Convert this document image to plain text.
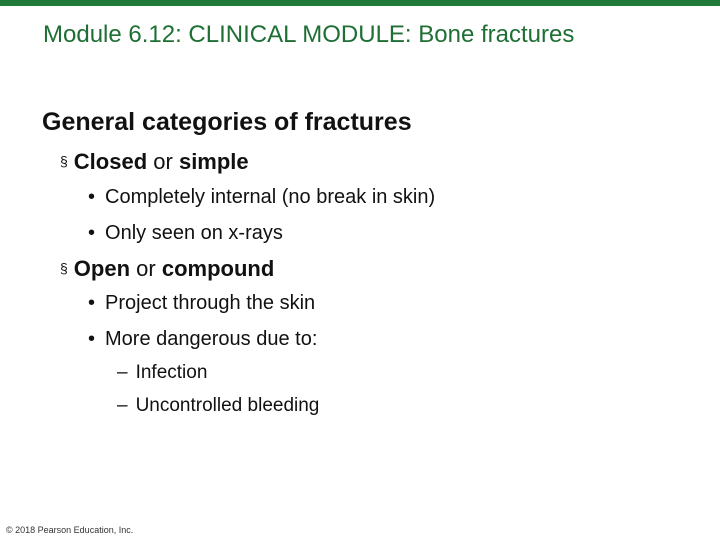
Module 6.12: CLINICAL MODULE: Bone fractures
General categories of fractures
§ Closed or simple
• Completely internal (no break in skin)
• Only seen on x-rays
§ Open or compound
• Project through the skin
• More dangerous due to:
– Infection
– Uncontrolled bleeding
© 2018 Pearson Education, Inc.
